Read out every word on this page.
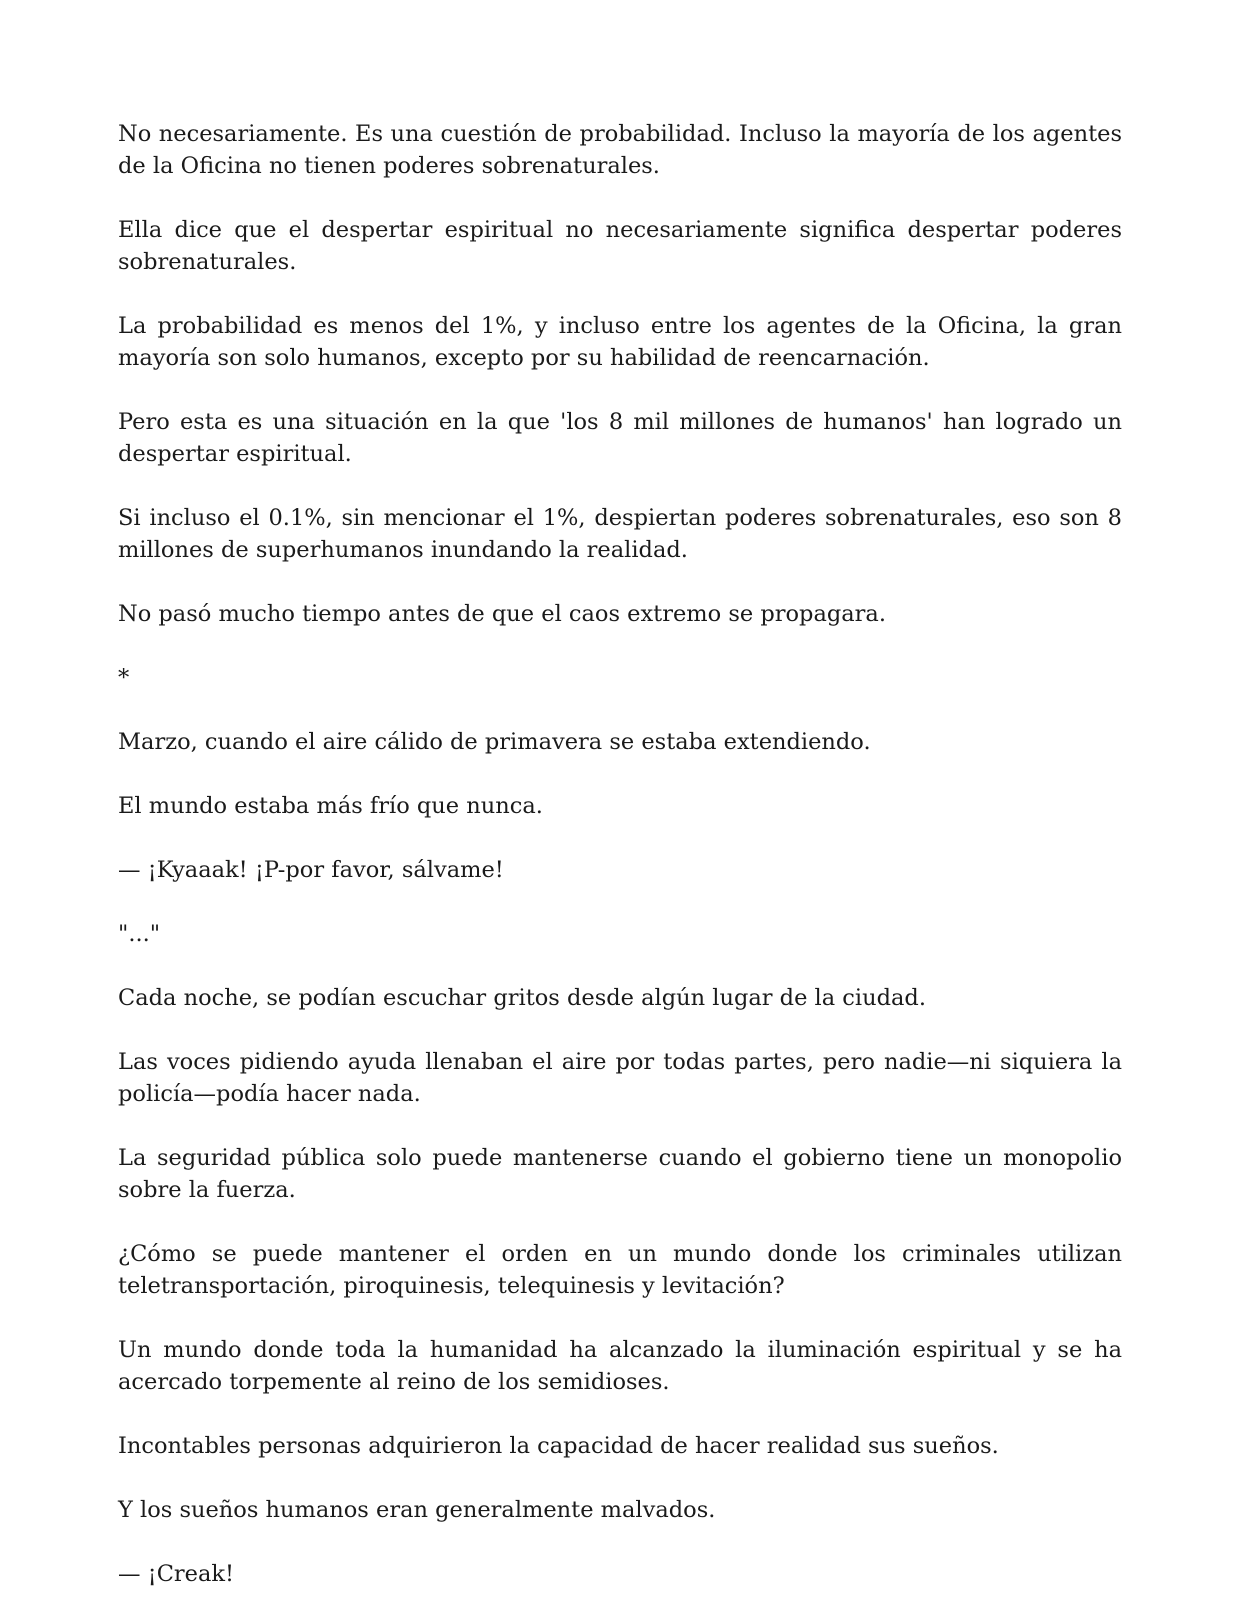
No necesariamente. Es una cuestión de probabilidad. Incluso la mayoría de los agentes de la Oficina no tienen poderes sobrenaturales.

Ella dice que el despertar espiritual no necesariamente significa despertar poderes sobrenaturales.

La probabilidad es menos del 1%, y incluso entre los agentes de la Oficina, la gran mayoría son solo humanos, excepto por su habilidad de reencarnación.

Pero esta es una situación en la que 'los 8 mil millones de humanos' han logrado un despertar espiritual.

Si incluso el 0.1%, sin mencionar el 1%, despiertan poderes sobrenaturales, eso son 8 millones de superhumanos inundando la realidad.

No pasó mucho tiempo antes de que el caos extremo se propagara.

*

Marzo, cuando el aire cálido de primavera se estaba extendiendo.

El mundo estaba más frío que nunca.

— ¡Kyaaak! ¡P-por favor, sálvame!

"..."

Cada noche, se podían escuchar gritos desde algún lugar de la ciudad.

Las voces pidiendo ayuda llenaban el aire por todas partes, pero nadie—ni siquiera la policía—podía hacer nada.

La seguridad pública solo puede mantenerse cuando el gobierno tiene un monopolio sobre la fuerza.

¿Cómo se puede mantener el orden en un mundo donde los criminales utilizan teletransportación, piroquinesis, telequinesis y levitación?

Un mundo donde toda la humanidad ha alcanzado la iluminación espiritual y se ha acercado torpemente al reino de los semidioses.

Incontables personas adquirieron la capacidad de hacer realidad sus sueños.

Y los sueños humanos eran generalmente malvados.

— ¡Creak!
